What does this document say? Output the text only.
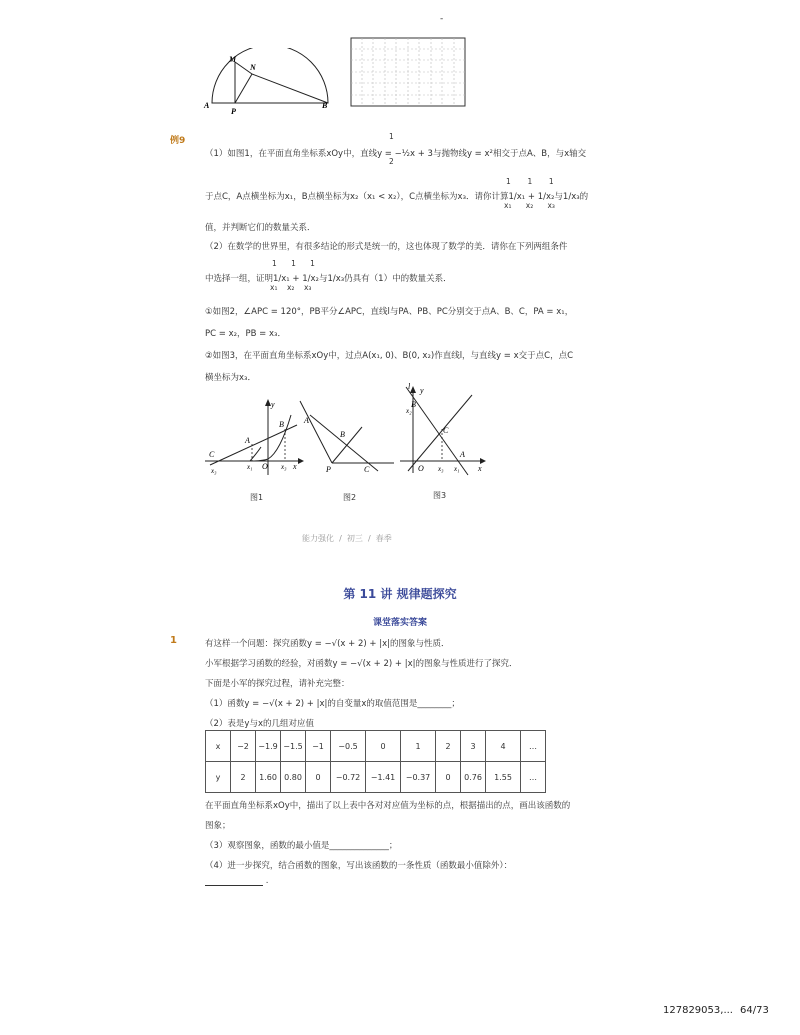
-
M
N
A
P
B
例9	1
2
（1）如图1，在平面直角坐标系xOy中，直线y = −½x + 3与抛物线y = x²相交于点A、B，与x轴交
1       1       1
于点C，A点横坐标为x₁，B点横坐标为x₂（x₁ < x₂），C点横坐标为x₃．请你计算1/x₁ + 1/x₂与1/x₃的
x₁      x₂      x₃
值，并判断它们的数量关系．
（2）在数学的世界里，有很多结论的形式是统一的，这也体现了数学的美．请你在下列两组条件
1      1      1
中选择一组，证明1/x₁ + 1/x₂与1/x₃仍具有（1）中的数量关系．
x₁    x₂    x₃
①如图2，∠APC = 120°，PB平分∠APC，直线l与PA、PB、PC分别交于点A、B、C，PA = x₁，
PC = x₂，PB = x₃．
②如图3，在平面直角坐标系xOy中，过点A(x₁, 0)、B(0, x₂)作直线l，与直线y = x交于点C，点C
横坐标为x₃．
y
x
C
A
B
O
x₁	x₃
x₃
图1
A
B
P	C
图2
l y
B
x₂
C
A
O x₃ x₁ x
图3
能力强化 / 初三 / 春季
第 11 讲 规律题探究
课堂落实答案
1	有这样一个问题：探究函数y = −√(x + 2) + |x|的图象与性质．
小军根据学习函数的经验，对函数y = −√(x + 2) + |x|的图象与性质进行了探究．
下面是小军的探究过程，请补充完整：
（1）函数y = −√(x + 2) + |x|的自变量x的取值范围是________；
（2）表是y与x的几组对应值
x	−2	−1.9	−1.5	−1	−0.5	0	1	2	3	4	…
y	2	1.60	0.80	0	−0.72	−1.41	−0.37	0	0.76	1.55	…
在平面直角坐标系xOy中，描出了以上表中各对对应值为坐标的点，根据描出的点，画出该函数的
图象；
（3）观察图象，函数的最小值是______________；
（4）进一步探究，结合函数的图象，写出该函数的一条性质（函数最小值除外）：
.
127829053,... 64/73
